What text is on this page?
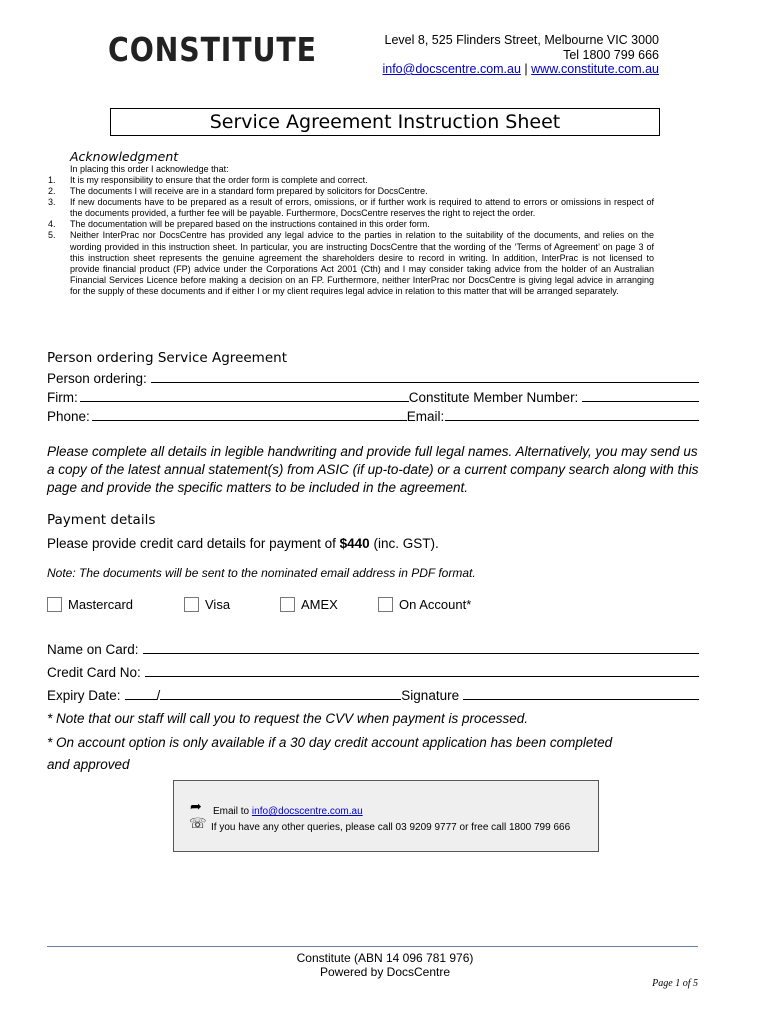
CONSTITUTE	Level 8, 525 Flinders Street, Melbourne VIC 3000
Tel 1800 799 666
info@docscentre.com.au | www.constitute.com.au
Service Agreement Instruction Sheet
Acknowledgment
In placing this order I acknowledge that:
1.	It is my responsibility to ensure that the order form is complete and correct.
2.	The documents I will receive are in a standard form prepared by solicitors for DocsCentre.
3.	If new documents have to be prepared as a result of errors, omissions, or if further work is required to attend to errors or omissions in respect of the documents provided, a further fee will be payable. Furthermore, DocsCentre reserves the right to reject the order.
4.	The documentation will be prepared based on the instructions contained in this order form.
5.	Neither InterPrac nor DocsCentre has provided any legal advice to the parties in relation to the suitability of the documents, and relies on the wording provided in this instruction sheet. In particular, you are instructing DocsCentre that the wording of the ‘Terms of Agreement’ on page 3 of this instruction sheet represents the genuine agreement the shareholders desire to record in writing. In addition, InterPrac is not licensed to provide financial product (FP) advice under the Corporations Act 2001 (Cth) and I may consider taking advice from the holder of an Australian Financial Services Licence before making a decision on an FP. Furthermore, neither InterPrac nor DocsCentre is giving legal advice in arranging for the supply of these documents and if either I or my client requires legal advice in relation to this matter that will be arranged separately.
Person ordering Service Agreement
Person ordering:
Firm:	Constitute Member Number:
Phone:	Email:
Please complete all details in legible handwriting and provide full legal names. Alternatively, you may send us a copy of the latest annual statement(s) from ASIC (if up-to-date) or a current company search along with this page and provide the specific matters to be included in the agreement.
Payment details
Please provide credit card details for payment of $440 (inc. GST).
Note: The documents will be sent to the nominated email address in PDF format.
Mastercard	Visa	AMEX	On Account*
Name on Card:
Credit Card No:
Expiry Date:	/	Signature
* Note that our staff will call you to request the CVV when payment is processed.
* On account option is only available if a 30 day credit account application has been completed
and approved
➦ Email to info@docscentre.com.au
☏ If you have any other queries, please call 03 9209 9777 or free call 1800 799 666
Constitute (ABN 14 096 781 976)
Powered by DocsCentre
Page 1 of 5
